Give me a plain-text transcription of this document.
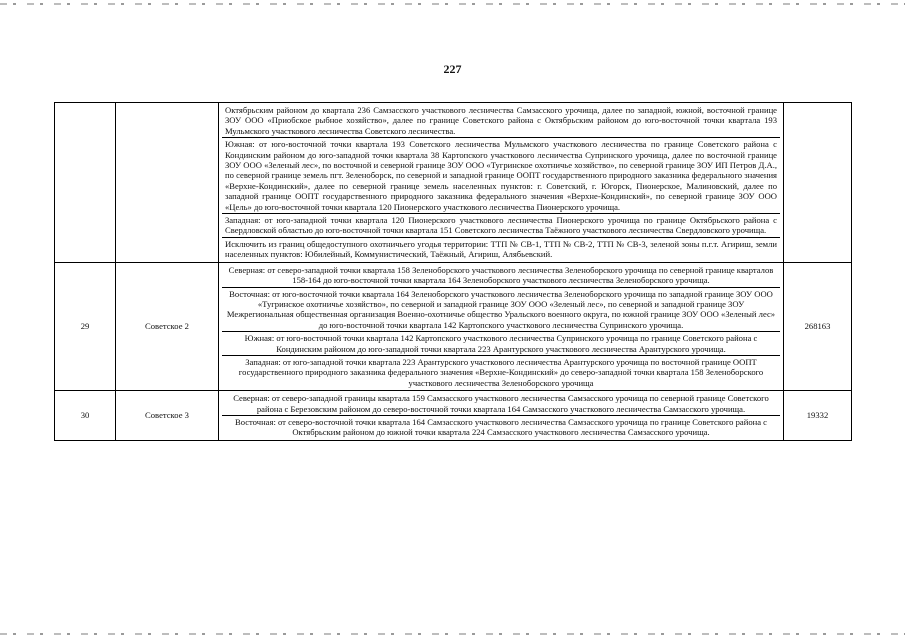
227

		Октябрьским районом до квартала 236 Самзасского участкового лесничества Самзасского урочища, далее по западной, южной, восточной границе ЗОУ ООО «Приобское рыбное хозяйство», далее по границе Советского района с Октябрьским районом до юго-восточной точки квартала 193 Мульмского участкового лесничества Советского лесничества.
Южная: от юго-восточной точки квартала 193 Советского лесничества Мульмского участкового лесничества по границе Советского района с Кондинским районом до юго-западной точки квартала 38 Картопского участкового лесничества Супринского урочища, далее по восточной границе ЗОУ ООО «Зеленый лес», по восточной и северной границе ЗОУ ООО «Тугринское охотничье хозяйство», по северной границе ЗОУ ИП Петров Д.А., по северной границе земель пгт. Зеленоборск, по северной и западной границе ООПТ государственного природного заказника федерального значения «Верхне-Кондинский», далее по северной границе земель населенных пунктов: г. Советский, г. Югорск, Пионерское, Малиновский, далее по западной границе ООПТ государственного природного заказника федерального значения «Верхне-Кондинский», по северной границе ЗОУ ООО «Цель» до юго-восточной точки квартала 120 Пионерского участкового лесничества Пионерского урочища.
Западная: от юго-западной точки квартала 120 Пионерского участкового лесничества Пионерского урочища по границе Октябрьского района с Свердловской областью до юго-восточной точки квартала 151 Советского лесничества Таёжного участкового лесничества Свердловского урочища.
Исключить из границ общедоступного охотничьего угодья территории: ТТП № СВ-1, ТТП № СВ-2, ТТП № СВ-3, зеленой зоны п.г.т. Агириш, земли населенных пунктов: Юбилейный, Коммунистический, Таёжный, Агириш, Алябьевский.	

29	Советское 2	Северная: от северо-западной точки квартала 158 Зеленоборского участкового лесничества Зеленоборского урочища по северной границе кварталов 158-164 до юго-восточной точки квартала 164 Зеленоборского участкового лесничества Зеленоборского урочища.
Восточная: от юго-восточной точки квартала 164 Зеленоборского участкового лесничества Зеленоборского урочища по западной границе ЗОУ ООО «Тугринское охотничье хозяйство», по северной и западной границе ЗОУ ООО «Зеленый лес», по северной и западной границе ЗОУ Межрегиональная общественная организация Военно-охотничье общество Уральского военного округа, по южной границе ЗОУ ООО «Зеленый лес» до юго-восточной точки квартала 142 Картопского участкового лесничества Супринского урочища.
Южная: от юго-восточной точки квартала 142 Картопского участкового лесничества Супринского урочища по границе Советского района с Кондинским районом до юго-западной точки квартала 223 Арантурского участкового лесничества Арантурского урочища.
Западная: от юго-западной точки квартала 223 Арантурского участкового лесничества Арантурского урочища по восточной границе ООПТ государственного природного заказника федерального значения «Верхне-Кондинский» до северо-западной точки квартала 158 Зеленоборского участкового лесничества Зеленоборского урочища	268163
30	Советское 3	Северная: от северо-западной границы квартала 159 Самзасского участкового лесничества Самзасского урочища по северной границе Советского района с Березовским районом до северо-восточной точки квартала 164 Самзасского участкового лесничества Самзасского урочища.
Восточная: от северо-восточной точки квартала 164 Самзасского участкового лесничества Самзасского урочища по границе Советского района с Октябрьским районом до южной точки квартала 224 Самзасского участкового лесничества Самзасского урочища.	19332
